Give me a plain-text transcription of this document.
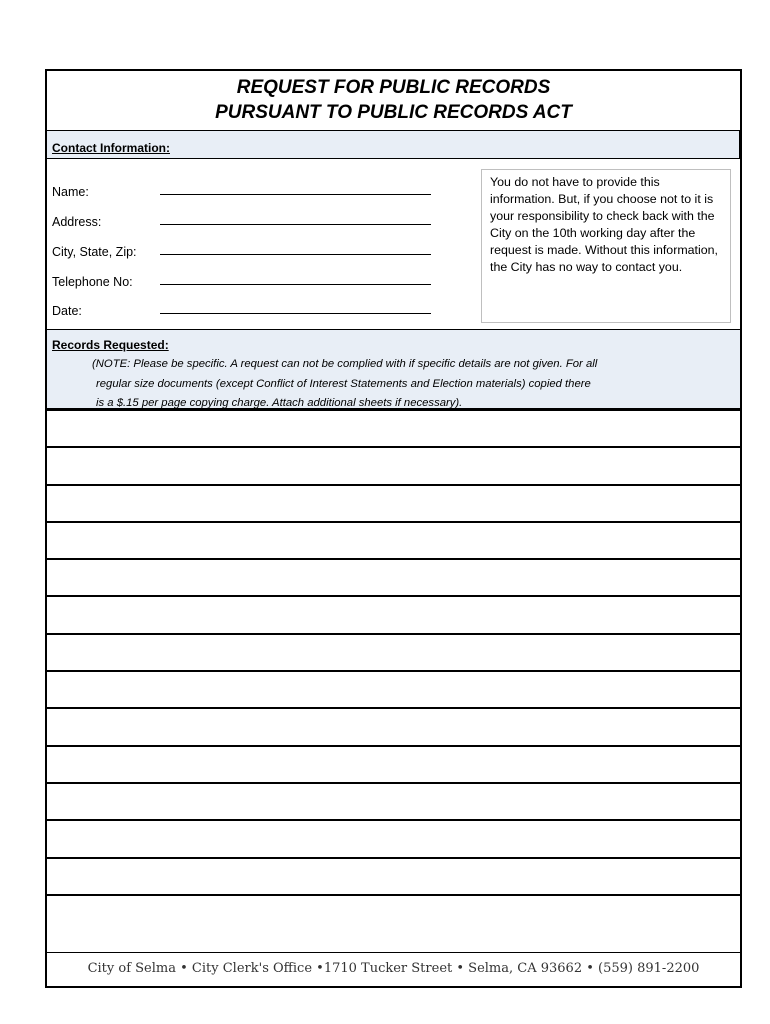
REQUEST FOR PUBLIC RECORDS
PURSUANT TO PUBLIC RECORDS ACT
Contact Information:
Name:
Address:
City, State, Zip:
Telephone No:
Date:
You do not have to provide this information. But, if you choose not to it is your responsibility to check back with the City on the 10th working day after the request is made. Without this information, the City has no way to contact you.
Records Requested:
(NOTE: Please be specific. A request can not be complied with if specific details are not given. For all
regular size documents (except Conflict of Interest Statements and Election materials) copied there
is a $.15 per page copying charge. Attach additional sheets if necessary).
City of Selma • City Clerk's Office •1710 Tucker Street • Selma, CA 93662 • (559) 891-2200
